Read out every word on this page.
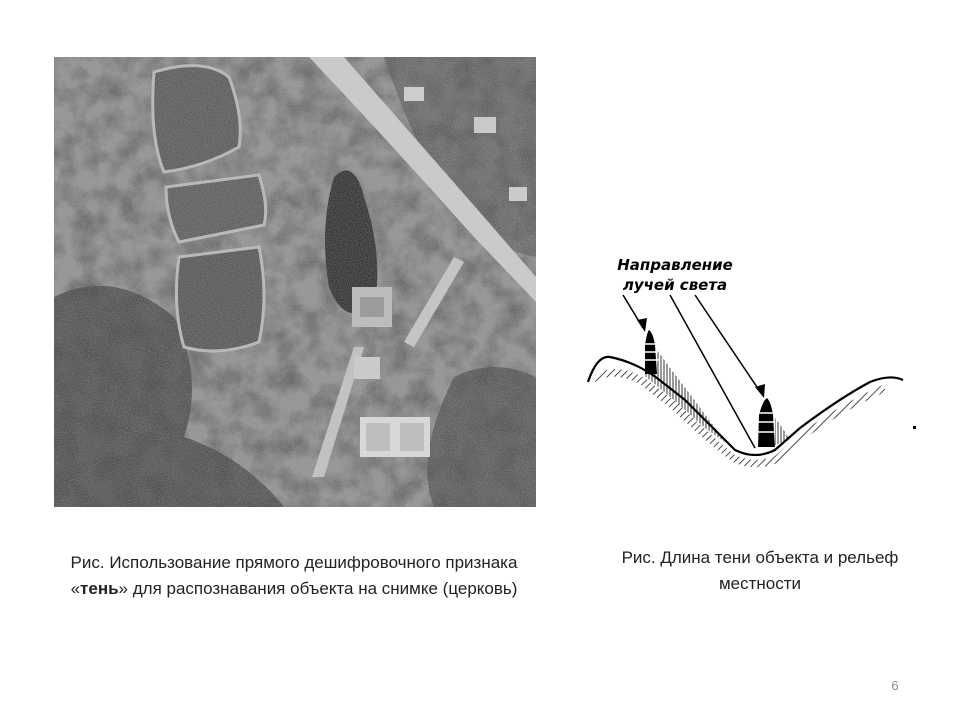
Направление
лучей света
Рис. Использование прямого дешифровочного признака «тень» для распознавания объекта на снимке (церковь)
Рис. Длина тени объекта и рельеф местности
6
